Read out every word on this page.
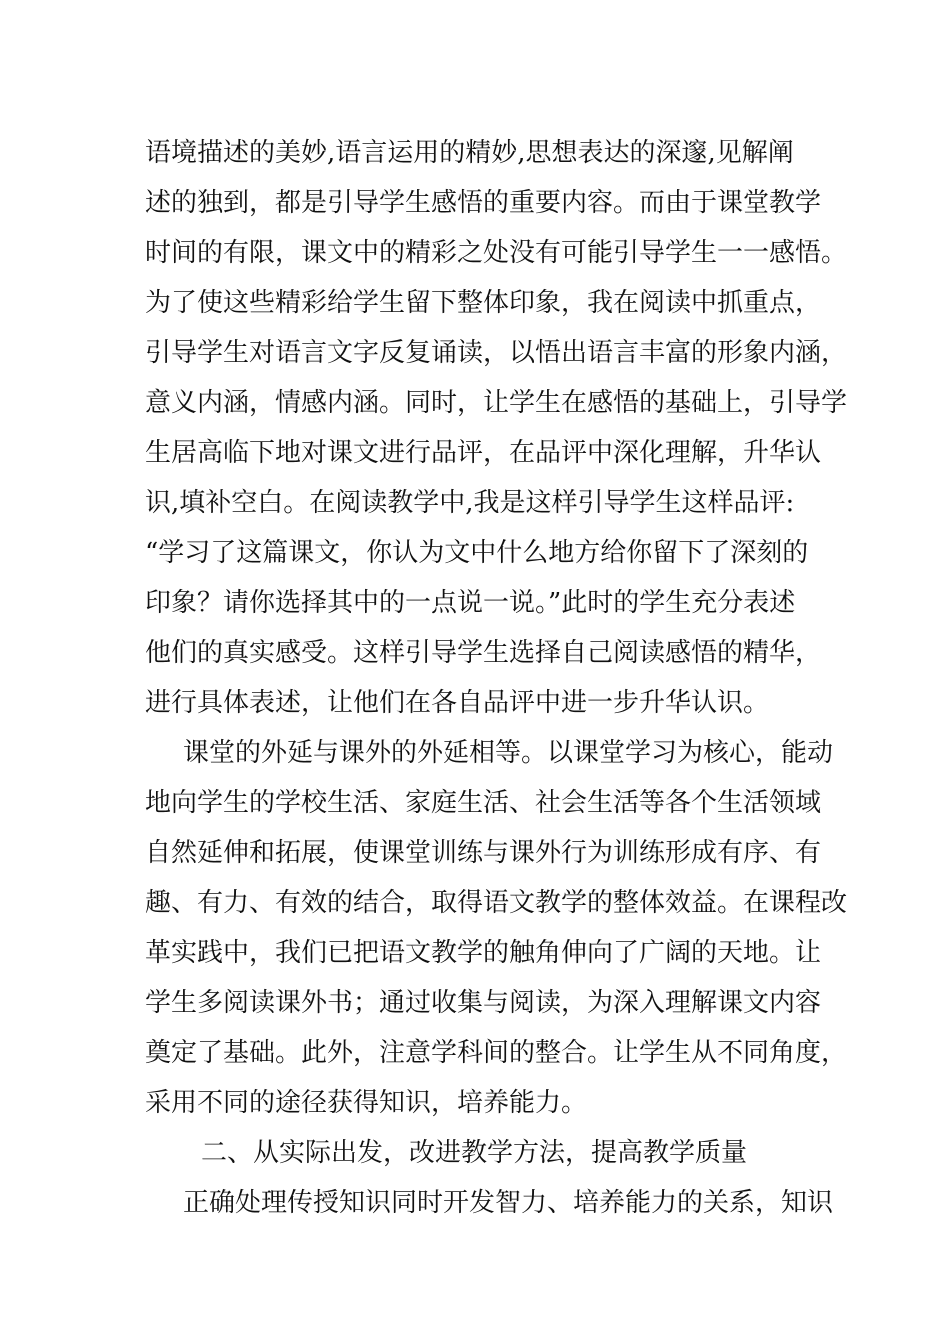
语境描述的美妙,语言运用的精妙,思想表达的深邃,见解阐
述的独到，都是引导学生感悟的重要内容。而由于课堂教学
时间的有限，课文中的精彩之处没有可能引导学生一一感悟。
为了使这些精彩给学生留下整体印象，我在阅读中抓重点，
引导学生对语言文字反复诵读，以悟出语言丰富的形象内涵，
意义内涵，情感内涵。同时，让学生在感悟的基础上，引导学
生居高临下地对课文进行品评，在品评中深化理解，升华认
识,填补空白。在阅读教学中,我是这样引导学生这样品评:
“学习了这篇课文，你认为文中什么地方给你留下了深刻的
印象？请你选择其中的一点说一说。”此时的学生充分表述
他们的真实感受。这样引导学生选择自己阅读感悟的精华，
进行具体表述，让他们在各自品评中进一步升华认识。
课堂的外延与课外的外延相等。以课堂学习为核心，能动
地向学生的学校生活、家庭生活、社会生活等各个生活领域
自然延伸和拓展，使课堂训练与课外行为训练形成有序、有
趣、有力、有效的结合，取得语文教学的整体效益。在课程改
革实践中，我们已把语文教学的触角伸向了广阔的天地。让
学生多阅读课外书；通过收集与阅读，为深入理解课文内容
奠定了基础。此外，注意学科间的整合。让学生从不同角度，
采用不同的途径获得知识，培养能力。
二、从实际出发，改进教学方法，提高教学质量
正确处理传授知识同时开发智力、培养能力的关系，知识
